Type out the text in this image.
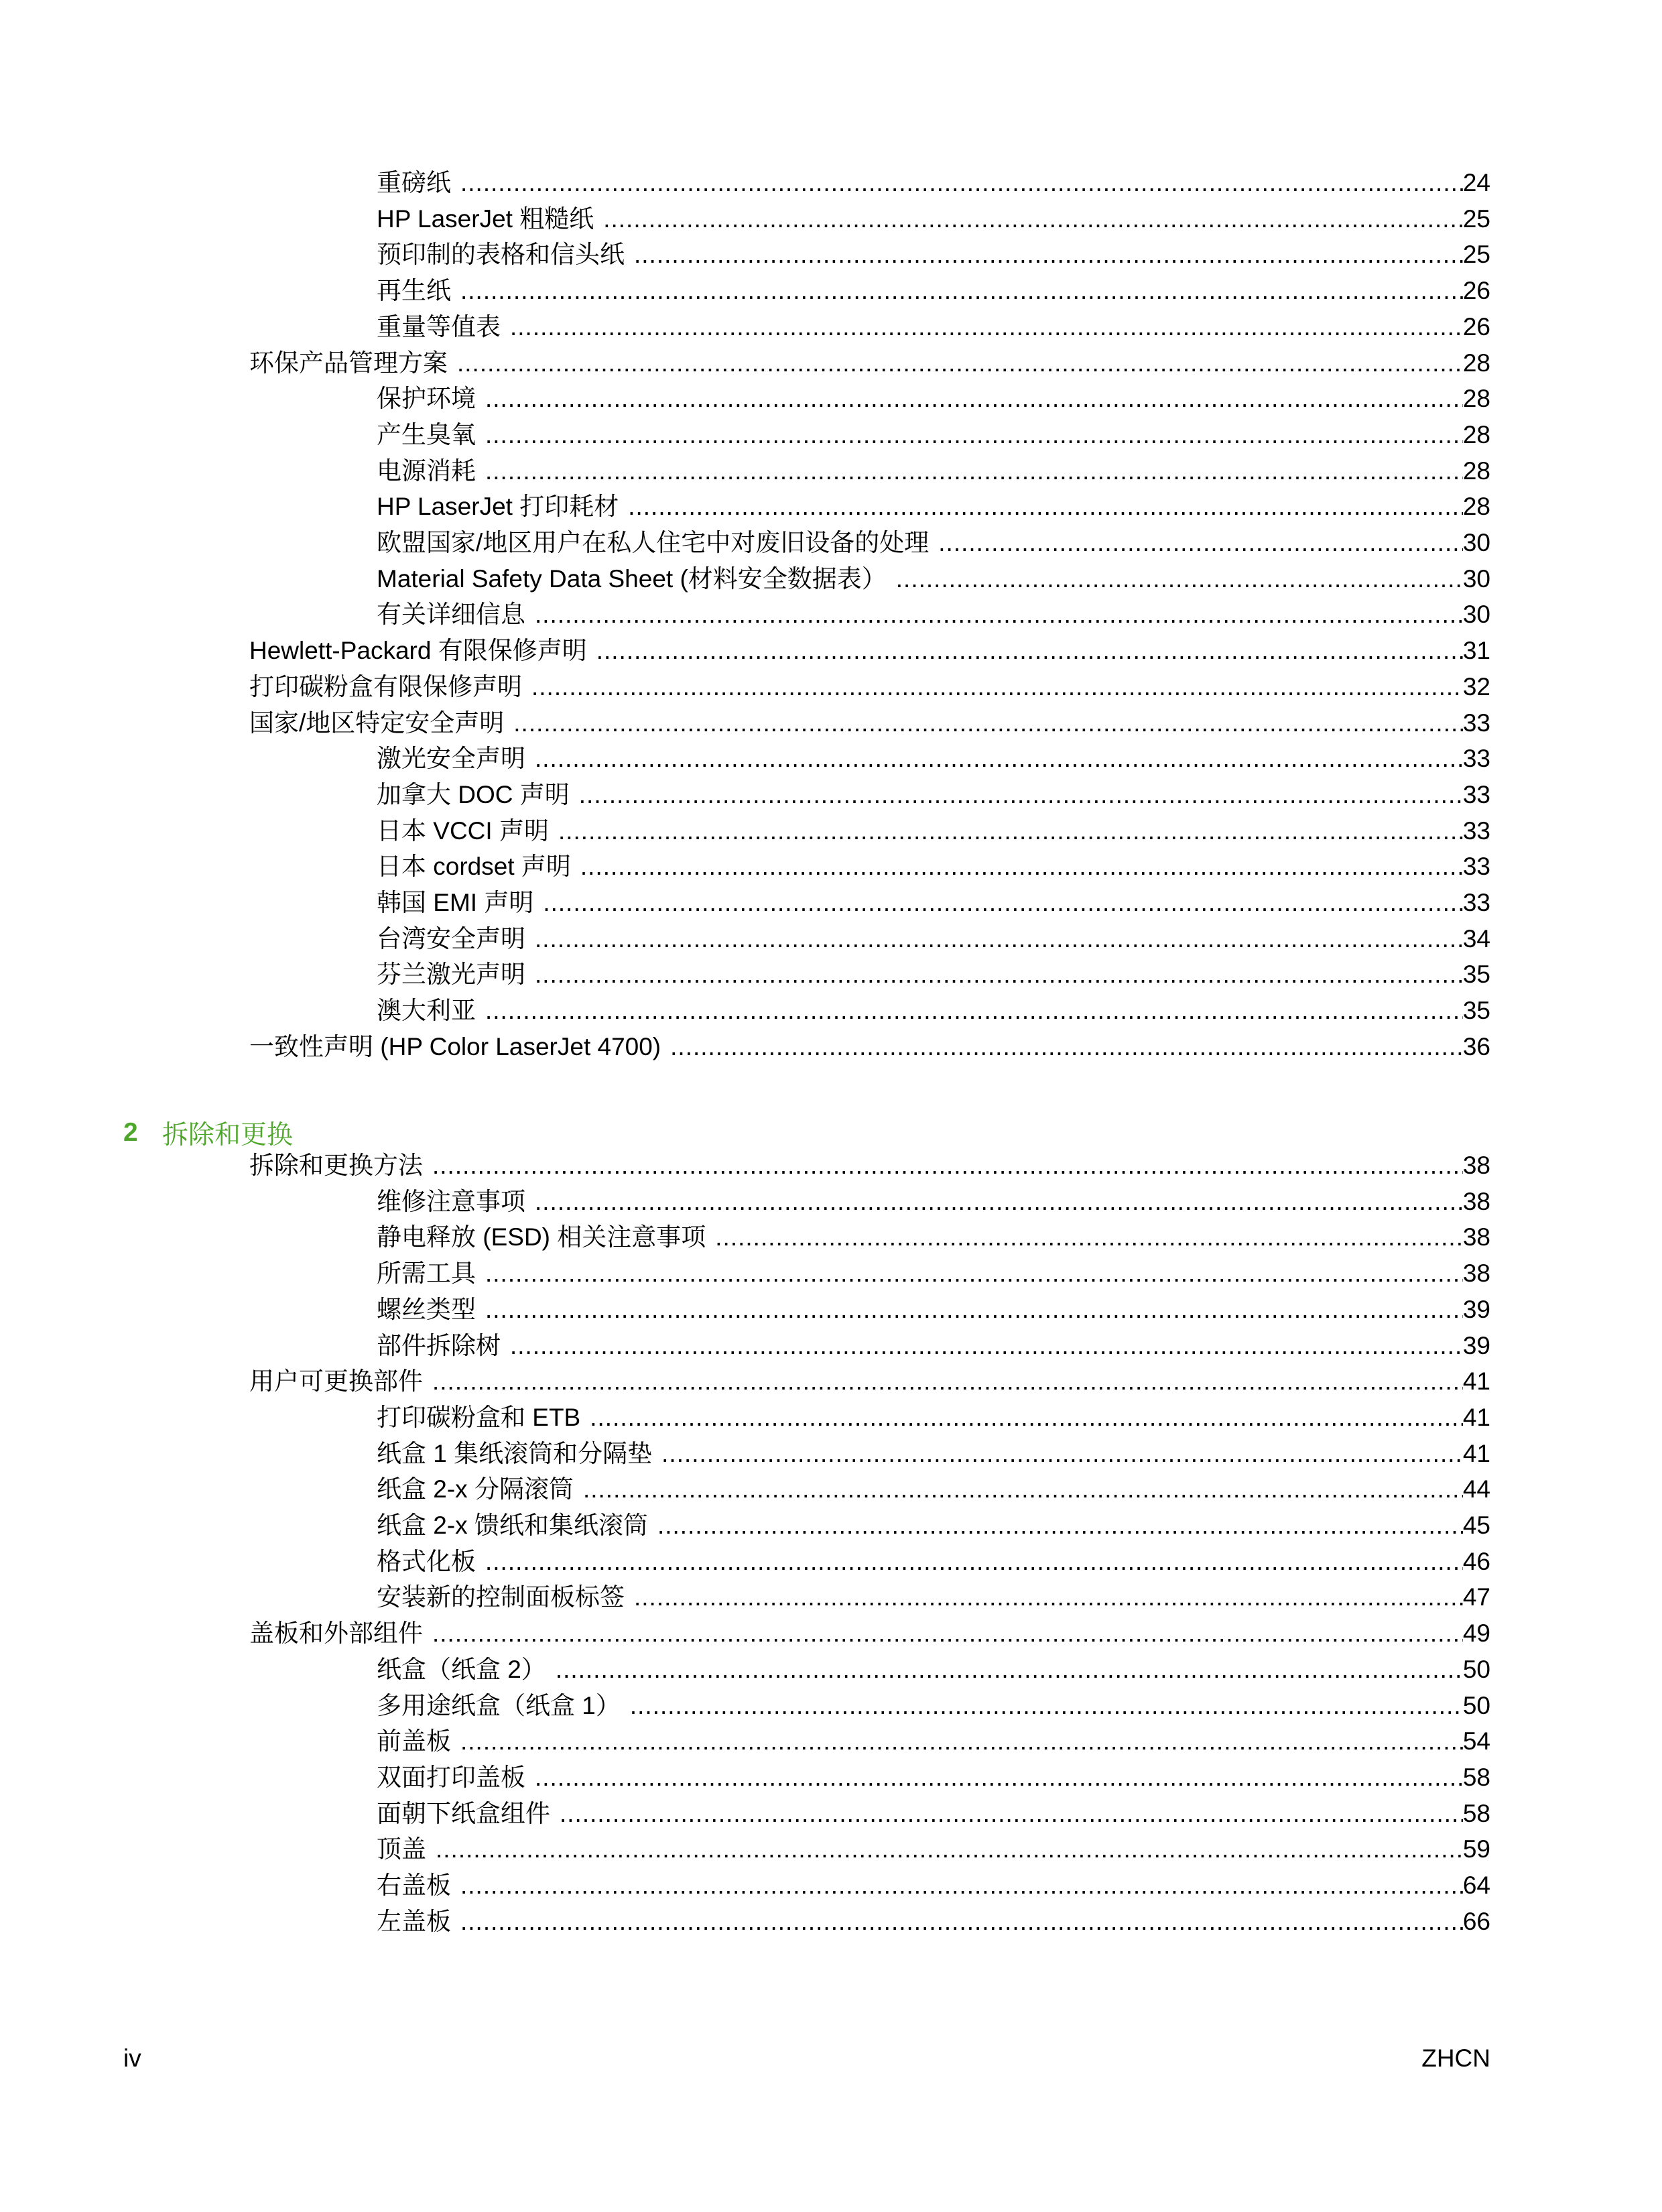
重磅纸 .....	24
HP LaserJet 粗糙纸 .....	25
预印制的表格和信头纸 .....	25
再生纸 .....	26
重量等值表 .....	26
环保产品管理方案 .....	28
保护环境 .....	28
产生臭氧 .....	28
电源消耗 .....	28
HP LaserJet 打印耗材 .....	28
欧盟国家/地区用户在私人住宅中对废旧设备的处理 .....	30
Material Safety Data Sheet (材料安全数据表） .....	30
有关详细信息 .....	30
Hewlett-Packard 有限保修声明 .....	31
打印碳粉盒有限保修声明 .....	32
国家/地区特定安全声明 .....	33
激光安全声明 .....	33
加拿大 DOC 声明 .....	33
日本 VCCI 声明 .....	33
日本 cordset 声明 .....	33
韩国 EMI 声明 .....	33
台湾安全声明 .....	34
芬兰激光声明 .....	35
澳大利亚 .....	35
一致性声明 (HP Color LaserJet 4700) .....	36
2 拆除和更换
拆除和更换方法 .....	38
维修注意事项 .....	38
静电释放 (ESD) 相关注意事项 .....	38
所需工具 .....	38
螺丝类型 .....	39
部件拆除树 .....	39
用户可更换部件 .....	41
打印碳粉盒和 ETB .....	41
纸盒 1 集纸滚筒和分隔垫 .....	41
纸盒 2-x 分隔滚筒 .....	44
纸盒 2-x 馈纸和集纸滚筒 .....	45
格式化板 .....	46
安装新的控制面板标签 .....	47
盖板和外部组件 .....	49
纸盒（纸盒 2） .....	50
多用途纸盒（纸盒 1） .....	50
前盖板 .....	54
双面打印盖板 .....	58
面朝下纸盒组件 .....	58
顶盖 .....	59
右盖板 .....	64
左盖板 .....	66
iv	ZHCN
